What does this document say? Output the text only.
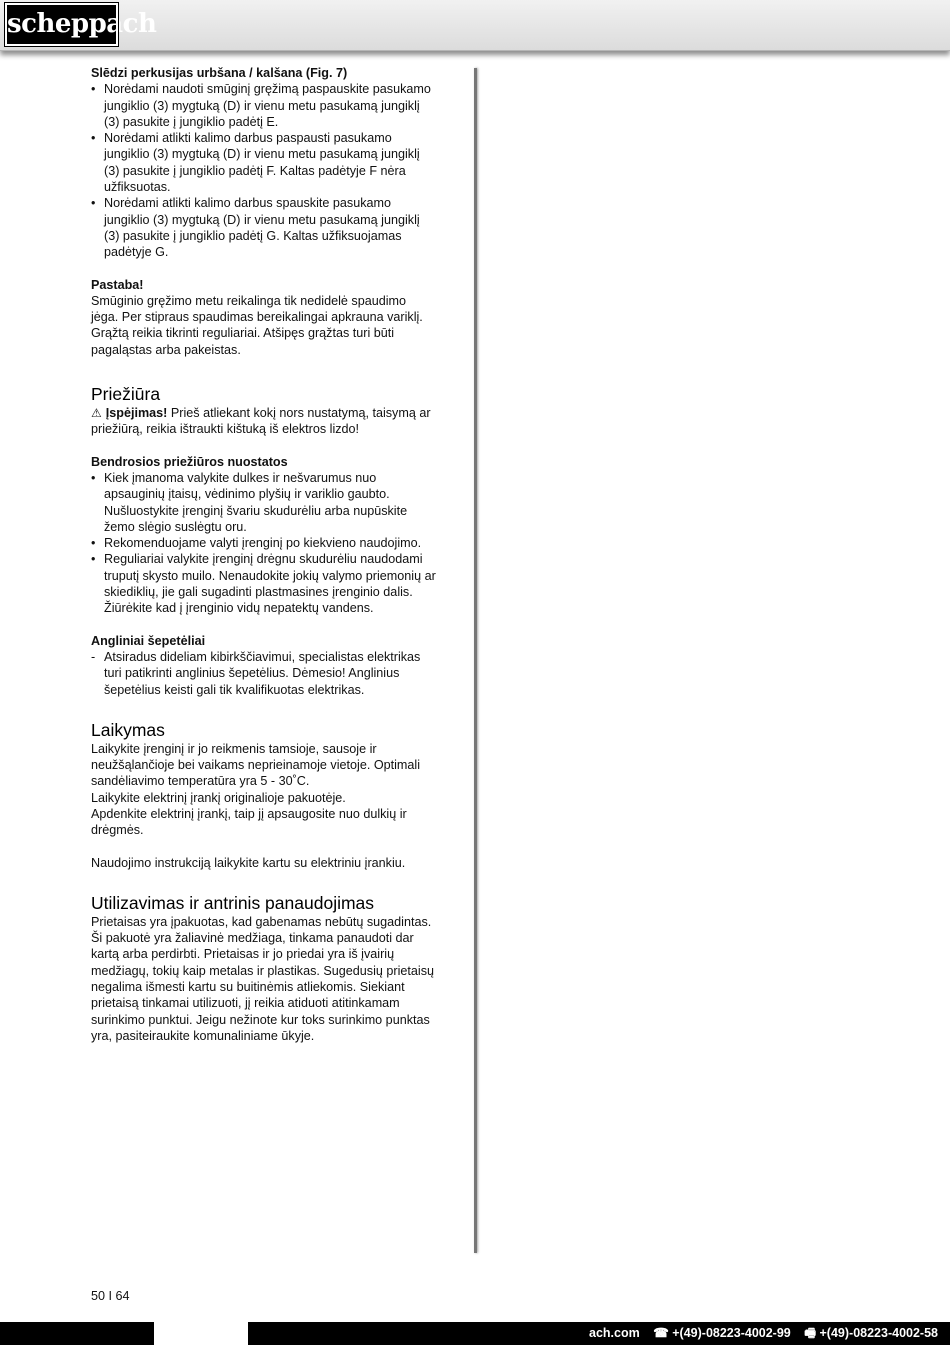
scheppach

Slēdzi perkusijas urbšana / kalšana (Fig. 7)

• Norėdami naudoti smūginį gręžimą paspauskite pasukamo jungiklio (3) mygtuką (D) ir vienu metu pasukamą jungiklį (3) pasukite į jungiklio padėtį E.
• Norėdami atlikti kalimo darbus paspausti pasukamo jungiklio (3) mygtuką (D) ir vienu metu pasukamą jungiklį (3) pasukite į jungiklio padėtį F. Kaltas padėtyje F nėra užfiksuotas.
• Norėdami atlikti kalimo darbus spauskite pasukamo jungiklio (3) mygtuką (D) ir vienu metu pasukamą jungiklį (3) pasukite į jungiklio padėtį G. Kaltas užfiksuojamas padėtyje G.

Pastaba!

Smūginio gręžimo metu reikalinga tik nedidelė spaudimo jėga. Per stipraus spaudimas bereikalingai apkrauna variklį. Grąžtą reikia tikrinti reguliariai. Atšipęs grąžtas turi būti pagaląstas arba pakeistas.

Priežiūra

⚠ Įspėjimas! Prieš atliekant kokį nors nustatymą, taisymą ar priežiūrą, reikia ištraukti kištuką iš elektros lizdo!

Bendrosios priežiūros nuostatos

• Kiek įmanoma valykite dulkes ir nešvarumus nuo apsauginių įtaisų, vėdinimo plyšių ir variklio gaubto. Nušluostykite įrenginį švariu skudurėliu arba nupūskite žemo slėgio suslėgtu oru.
• Rekomenduojame valyti įrenginį po kiekvieno naudojimo.
• Reguliariai valykite įrenginį drėgnu skudurėliu naudodami truputį skysto muilo. Nenaudokite jokių valymo priemonių ar skiediklių, jie gali sugadinti plastmasines įrenginio dalis. Žiūrėkite kad į įrenginio vidų nepatektų vandens.

Angliniai šepetėliai

- Atsiradus dideliam kibirkščiavimui, specialistas elektrikas turi patikrinti anglinius šepetėlius. Dėmesio! Anglinius šepetėlius keisti gali tik kvalifikuotas elektrikas.
Laikymas

Laikykite įrenginį ir jo reikmenis tamsioje, sausoje ir neužšąlančioje bei vaikams neprieinamoje vietoje. Optimali sandėliavimo temperatūra yra 5 - 30˚C.

Laikykite elektrinį įrankį originalioje pakuotėje.

Apdenkite elektrinį įrankį, taip jį apsaugosite nuo dulkių ir drėgmės.

Naudojimo instrukciją laikykite kartu su elektriniu įrankiu.

Utilizavimas ir antrinis panaudojimas

Prietaisas yra įpakuotas, kad gabenamas nebūtų sugadintas. Ši pakuotė yra žaliavinė medžiaga, tinkama panaudoti dar kartą arba perdirbti. Prietaisas ir jo priedai yra iš įvairių medžiagų, tokių kaip metalas ir plastikas. Sugedusių prietaisų negalima išmesti kartu su buitinėmis atliekomis. Siekiant prietaisą tinkamai utilizuoti, jį reikia atiduoti atitinkamam surinkimo punktui. Jeigu nežinote kur toks surinkimo punktas yra, pasiteiraukite komunaliniame ūkyje.

50 I 64
ach.com ☎ +(49)-08223-4002-99 🖷 +(49)-08223-4002-58
